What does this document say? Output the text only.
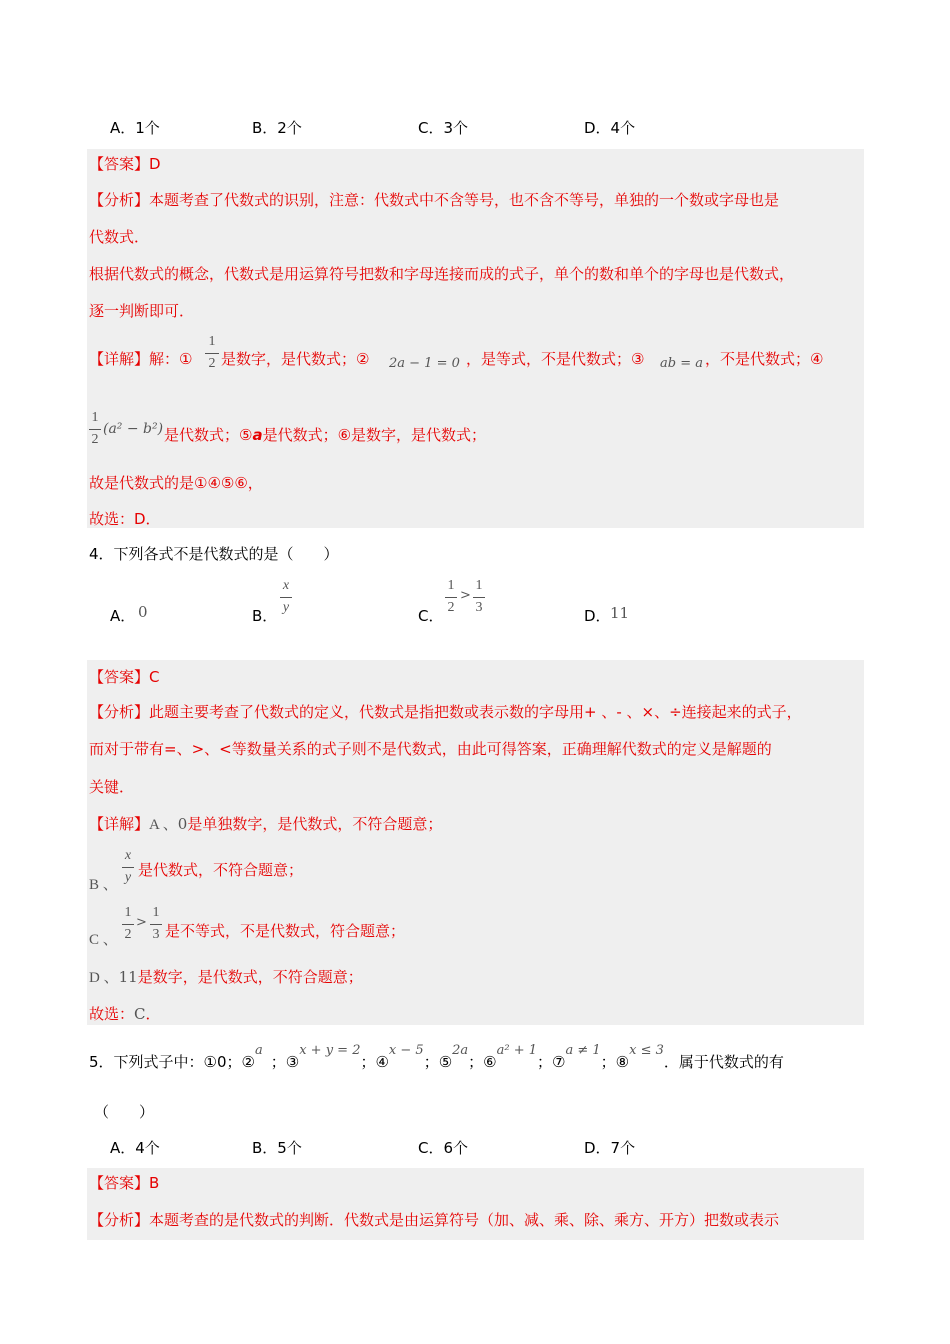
A．1个	B．2个	C．3个	D．4个
【答案】D
【分析】本题考查了代数式的识别，注意：代数式中不含等号，也不含不等号，单独的一个数或字母也是
代数式．
根据代数式的概念，代数式是用运算符号把数和字母连接而成的式子，单个的数和单个的字母也是代数式，
逐一判断即可．
【详解】解：①
1
2 是数字，是代数式；② 2a − 1 = 0 ，是等式，不是代数式；③ ab = a ，不是代数式；④
1
2
(a² − b²) 是代数式；⑤a是代数式；⑥是数字，是代数式；
故是代数式的是①④⑤⑥，
故选：D．
4．下列各式不是代数式的是（　　）
A． 0	B．
x
y	C．
1
2
>
1
3	D． 11
【答案】C
【分析】此题主要考查了代数式的定义，代数式是指把数或表示数的字母用+ 、- 、×、÷连接起来的式子，
而对于带有=、>、<等数量关系的式子则不是代数式，由此可得答案，正确理解代数式的定义是解题的
关键．
【详解】A 、0是单独数字，是代数式，不符合题意；
B 、
x
y 是代数式，不符合题意；
C 、
1
2
>
1
3 是不等式，不是代数式，符合题意；
D 、11是数字，是代数式，不符合题意；
故选：C．
5．下列式子中：①0；②a；③x + y = 2；④x − 5；⑤2a；⑥a² + 1；⑦a ≠ 1；⑧x ≤ 3．属于代数式的有
（　　）
A．4个	B．5个	C．6个	D．7个
【答案】B
【分析】本题考查的是代数式的判断．代数式是由运算符号（加、减、乘、除、乘方、开方）把数或表示
